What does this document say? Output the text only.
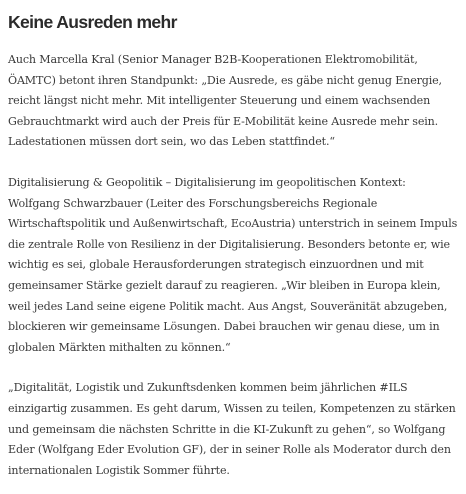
Keine Ausreden mehr

Auch Marcella Kral (Senior Manager B2B-Kooperationen Elektromobilität, ÖAMTC) betont ihren Standpunkt: „Die Ausrede, es gäbe nicht genug Energie, reicht längst nicht mehr. Mit intelligenter Steuerung und einem wachsenden Gebrauchtmarkt wird auch der Preis für E-Mobilität keine Ausrede mehr sein. Ladestationen müssen dort sein, wo das Leben stattfindet.“

Digitalisierung & Geopolitik – Digitalisierung im geopolitischen Kontext: Wolfgang Schwarzbauer (Leiter des Forschungsbereichs Regionale Wirtschaftspolitik und Außenwirtschaft, EcoAustria) unterstrich in seinem Impuls die zentrale Rolle von Resilienz in der Digitalisierung. Besonders betonte er, wie wichtig es sei, globale Herausforderungen strategisch einzuordnen und mit gemeinsamer Stärke gezielt darauf zu reagieren. „Wir bleiben in Europa klein, weil jedes Land seine eigene Politik macht. Aus Angst, Souveränität abzugeben, blockieren wir gemeinsame Lösungen. Dabei brauchen wir genau diese, um in globalen Märkten mithalten zu können.“

„Digitalität, Logistik und Zukunftsdenken kommen beim jährlichen #ILS einzigartig zusammen. Es geht darum, Wissen zu teilen, Kompetenzen zu stärken und gemeinsam die nächsten Schritte in die KI-Zukunft zu gehen“, so Wolfgang Eder (Wolfgang Eder Evolution GF), der in seiner Rolle als Moderator durch den internationalen Logistik Sommer führte.
